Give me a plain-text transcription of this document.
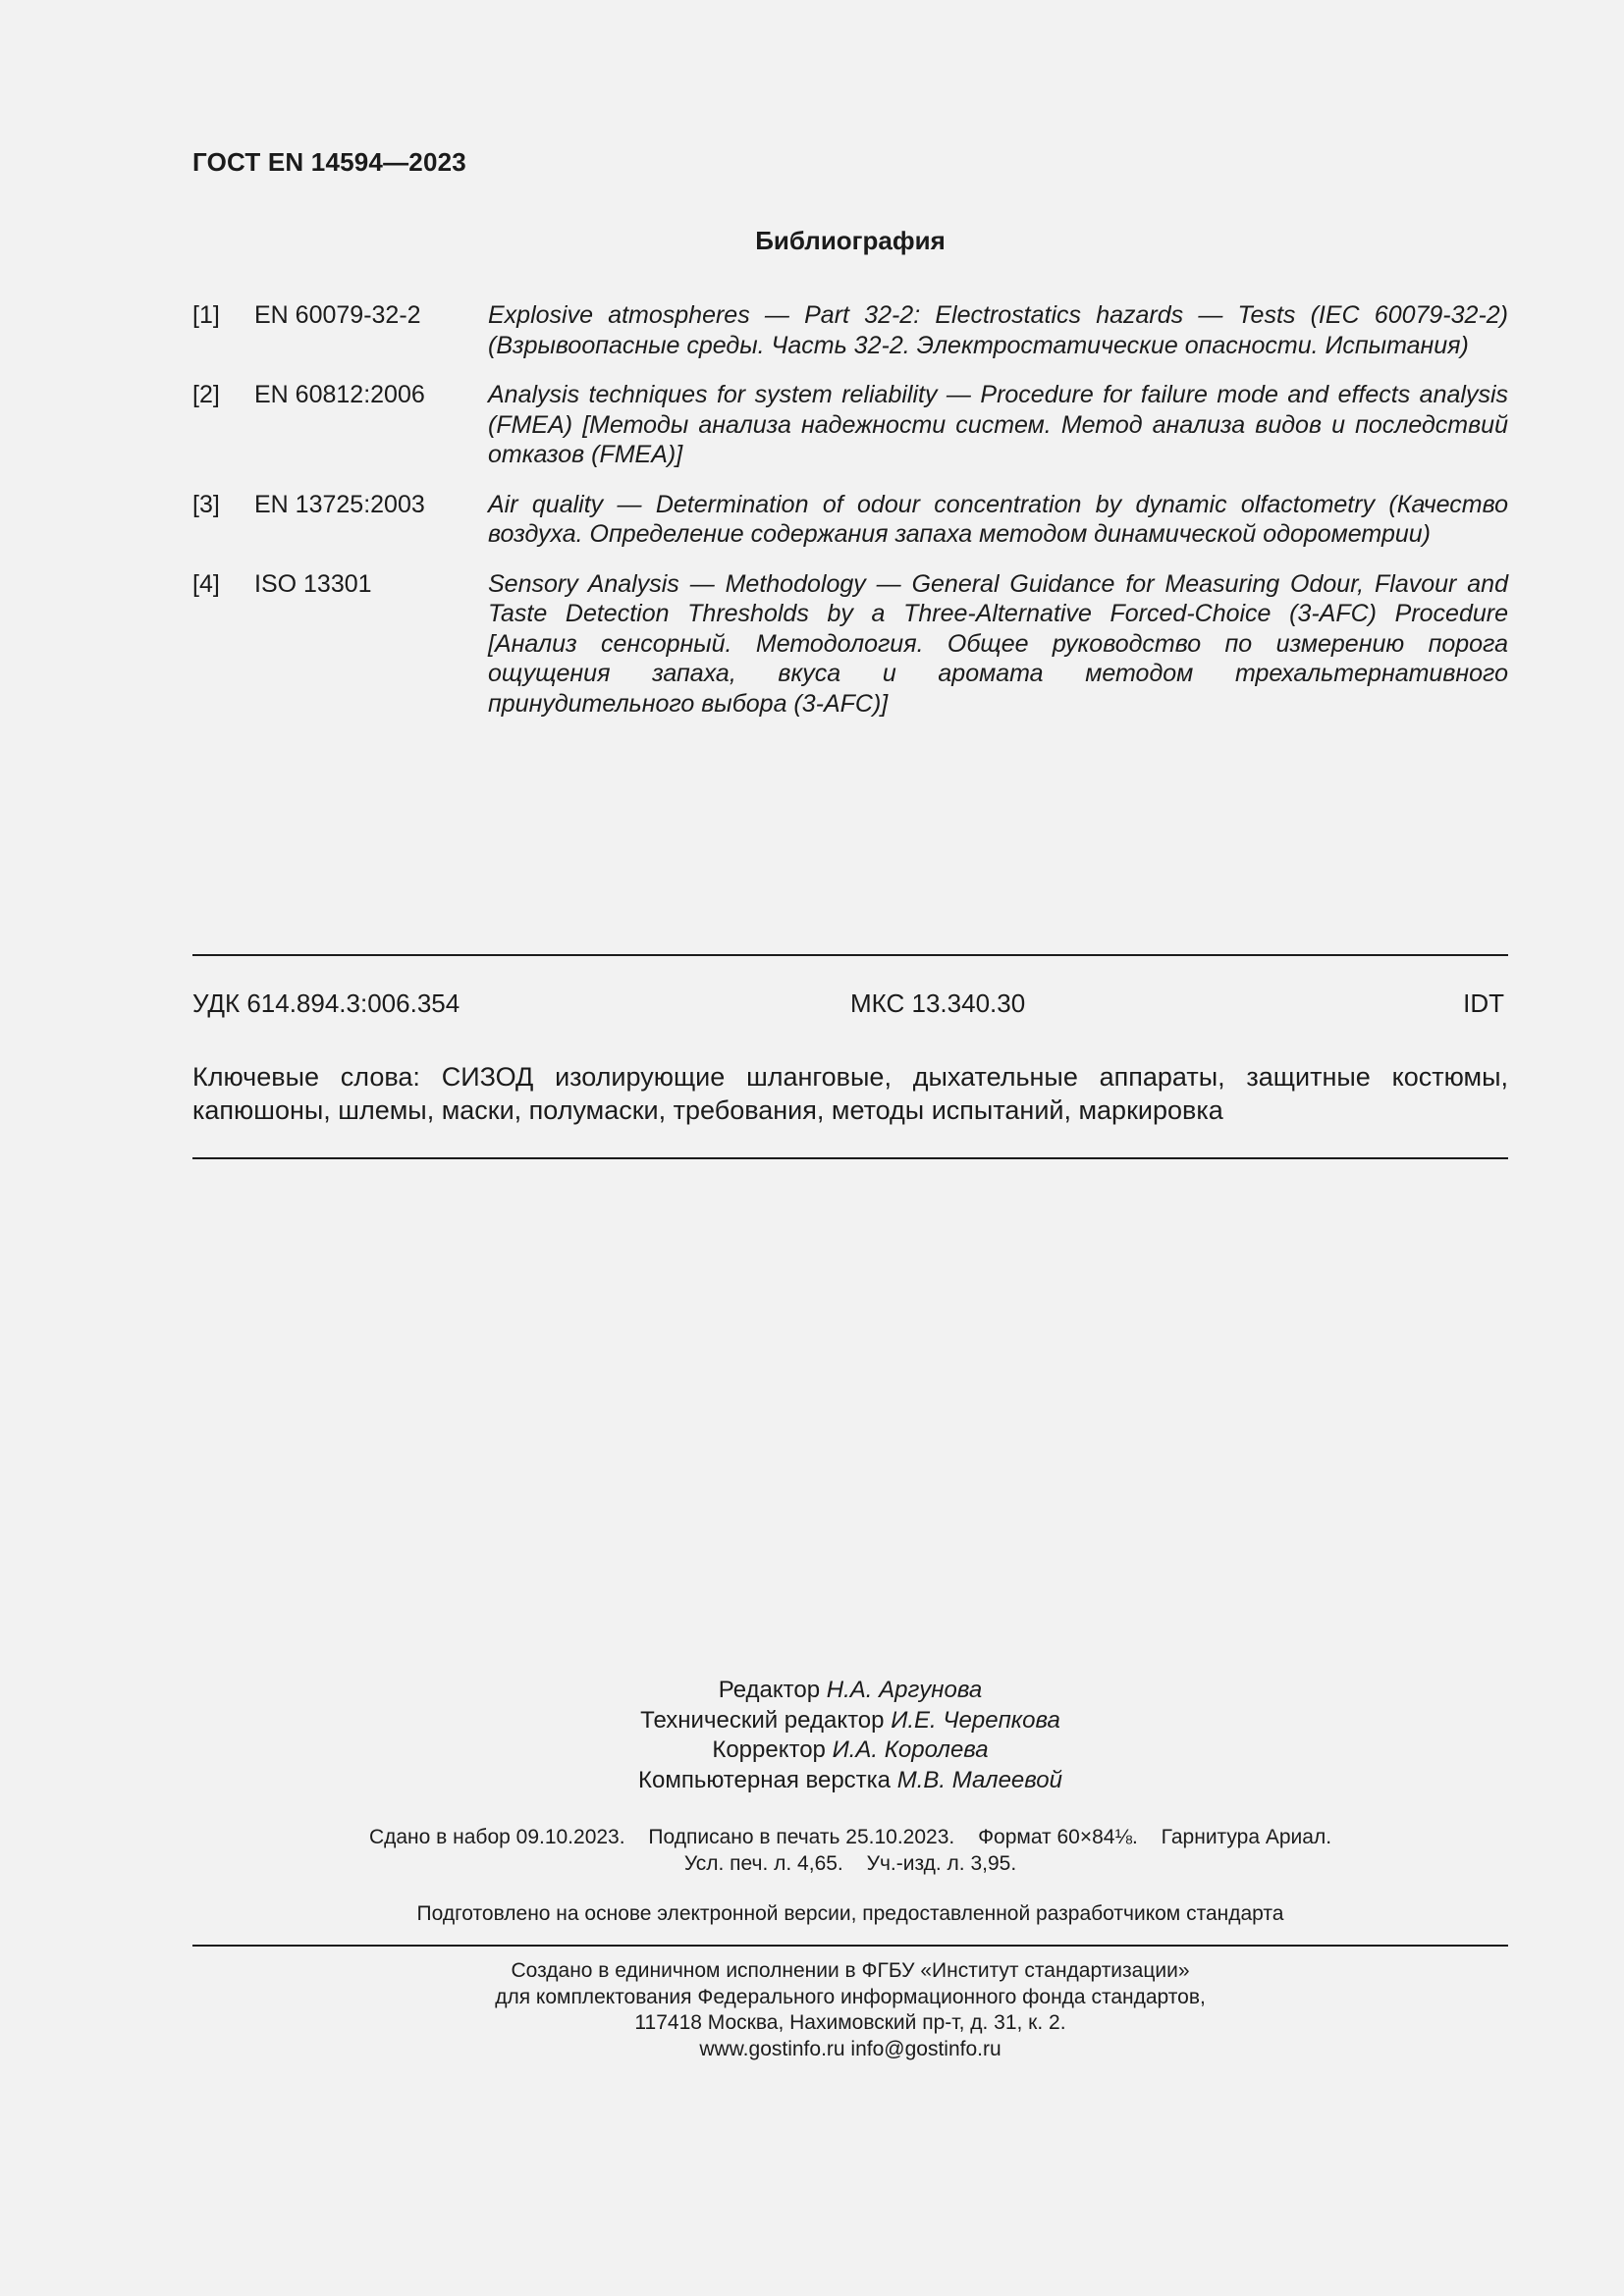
ГОСТ EN 14594—2023
Библиография
[1]	EN 60079-32-2	Explosive atmospheres — Part 32-2: Electrostatics hazards — Tests (IEC 60079-32-2) (Взрывоопасные среды. Часть 32-2. Электростатические опасности. Испытания)
[2]	EN 60812:2006	Analysis techniques for system reliability — Procedure for failure mode and effects analysis (FMEA) [Методы анализа надежности систем. Метод анализа видов и последствий отказов (FMEA)]
[3]	EN 13725:2003	Air quality — Determination of odour concentration by dynamic olfactometry (Качество воздуха. Определение содержания запаха методом динамической одорометрии)
[4]	ISO 13301	Sensory Analysis — Methodology — General Guidance for Measuring Odour, Flavour and Taste Detection Thresholds by a Three-Alternative Forced-Choice (3-AFC) Procedure [Анализ сенсорный. Методология. Общее руководство по измерению порога ощущения запаха, вкуса и аромата методом трехальтернативного принудительного выбора (3-AFC)]
УДК 614.894.3:006.354	МКС 13.340.30	IDT
Ключевые слова: СИЗОД изолирующие шланговые, дыхательные аппараты, защитные костюмы, капюшоны, шлемы, маски, полумаски, требования, методы испытаний, маркировка
Редактор Н.А. Аргунова
Технический редактор И.Е. Черепкова
Корректор И.А. Королева
Компьютерная верстка М.В. Малеевой
Сдано в набор 09.10.2023. Подписано в печать 25.10.2023. Формат 60×84⅛. Гарнитура Ариал.
Усл. печ. л. 4,65. Уч.-изд. л. 3,95.
Подготовлено на основе электронной версии, предоставленной разработчиком стандарта
Создано в единичном исполнении в ФГБУ «Институт стандартизации»
для комплектования Федерального информационного фонда стандартов,
117418 Москва, Нахимовский пр-т, д. 31, к. 2.
www.gostinfo.ru info@gostinfo.ru
